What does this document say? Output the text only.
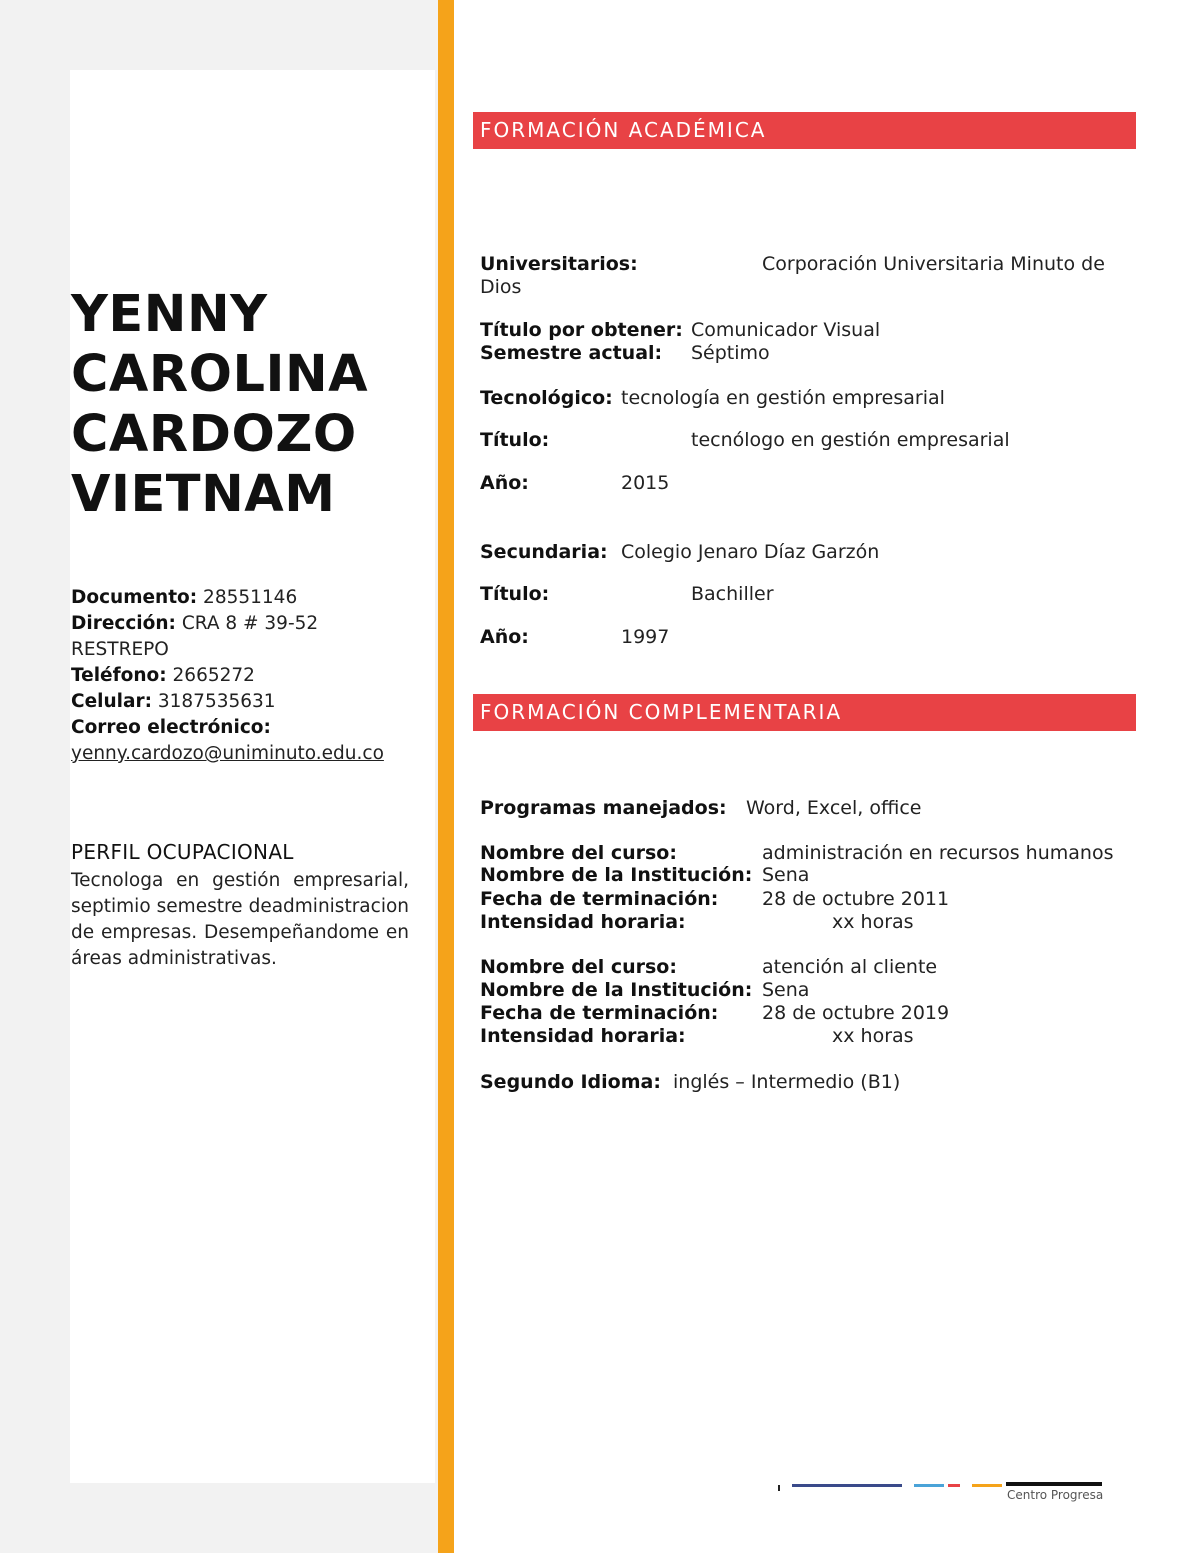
YENNY
CAROLINA
CARDOZO
VIETNAM
Documento: 28551146
Dirección: CRA 8 # 39-52
RESTREPO
Teléfono: 2665272
Celular: 3187535631
Correo electrónico:
yenny.cardozo@uniminuto.edu.co
PERFIL OCUPACIONAL
Tecnologa en gestión empresarial, septimio semestre deadministracion de empresas. Desempeñandome en áreas administrativas.
FORMACIÓN ACADÉMICA
Universitarios:	Corporación Universitaria Minuto de
Dios
Título por obtener: Comunicador Visual
Semestre actual: Séptimo
Tecnológico: tecnología en gestión empresarial
Título:	tecnólogo en gestión empresarial
Año:	2015
Secundaria: Colegio Jenaro Díaz Garzón
Título:	Bachiller
Año:	1997
FORMACIÓN COMPLEMENTARIA
Programas manejados: Word, Excel, office
Nombre del curso:	administración en recursos humanos
Nombre de la Institución: Sena
Fecha de terminación: 28 de octubre 2011
Intensidad horaria:	xx horas
Nombre del curso:	atención al cliente
Nombre de la Institución: Sena
Fecha de terminación: 28 de octubre 2019
Intensidad horaria:	xx horas
Segundo Idioma: inglés – Intermedio (B1)
Centro Progresa
